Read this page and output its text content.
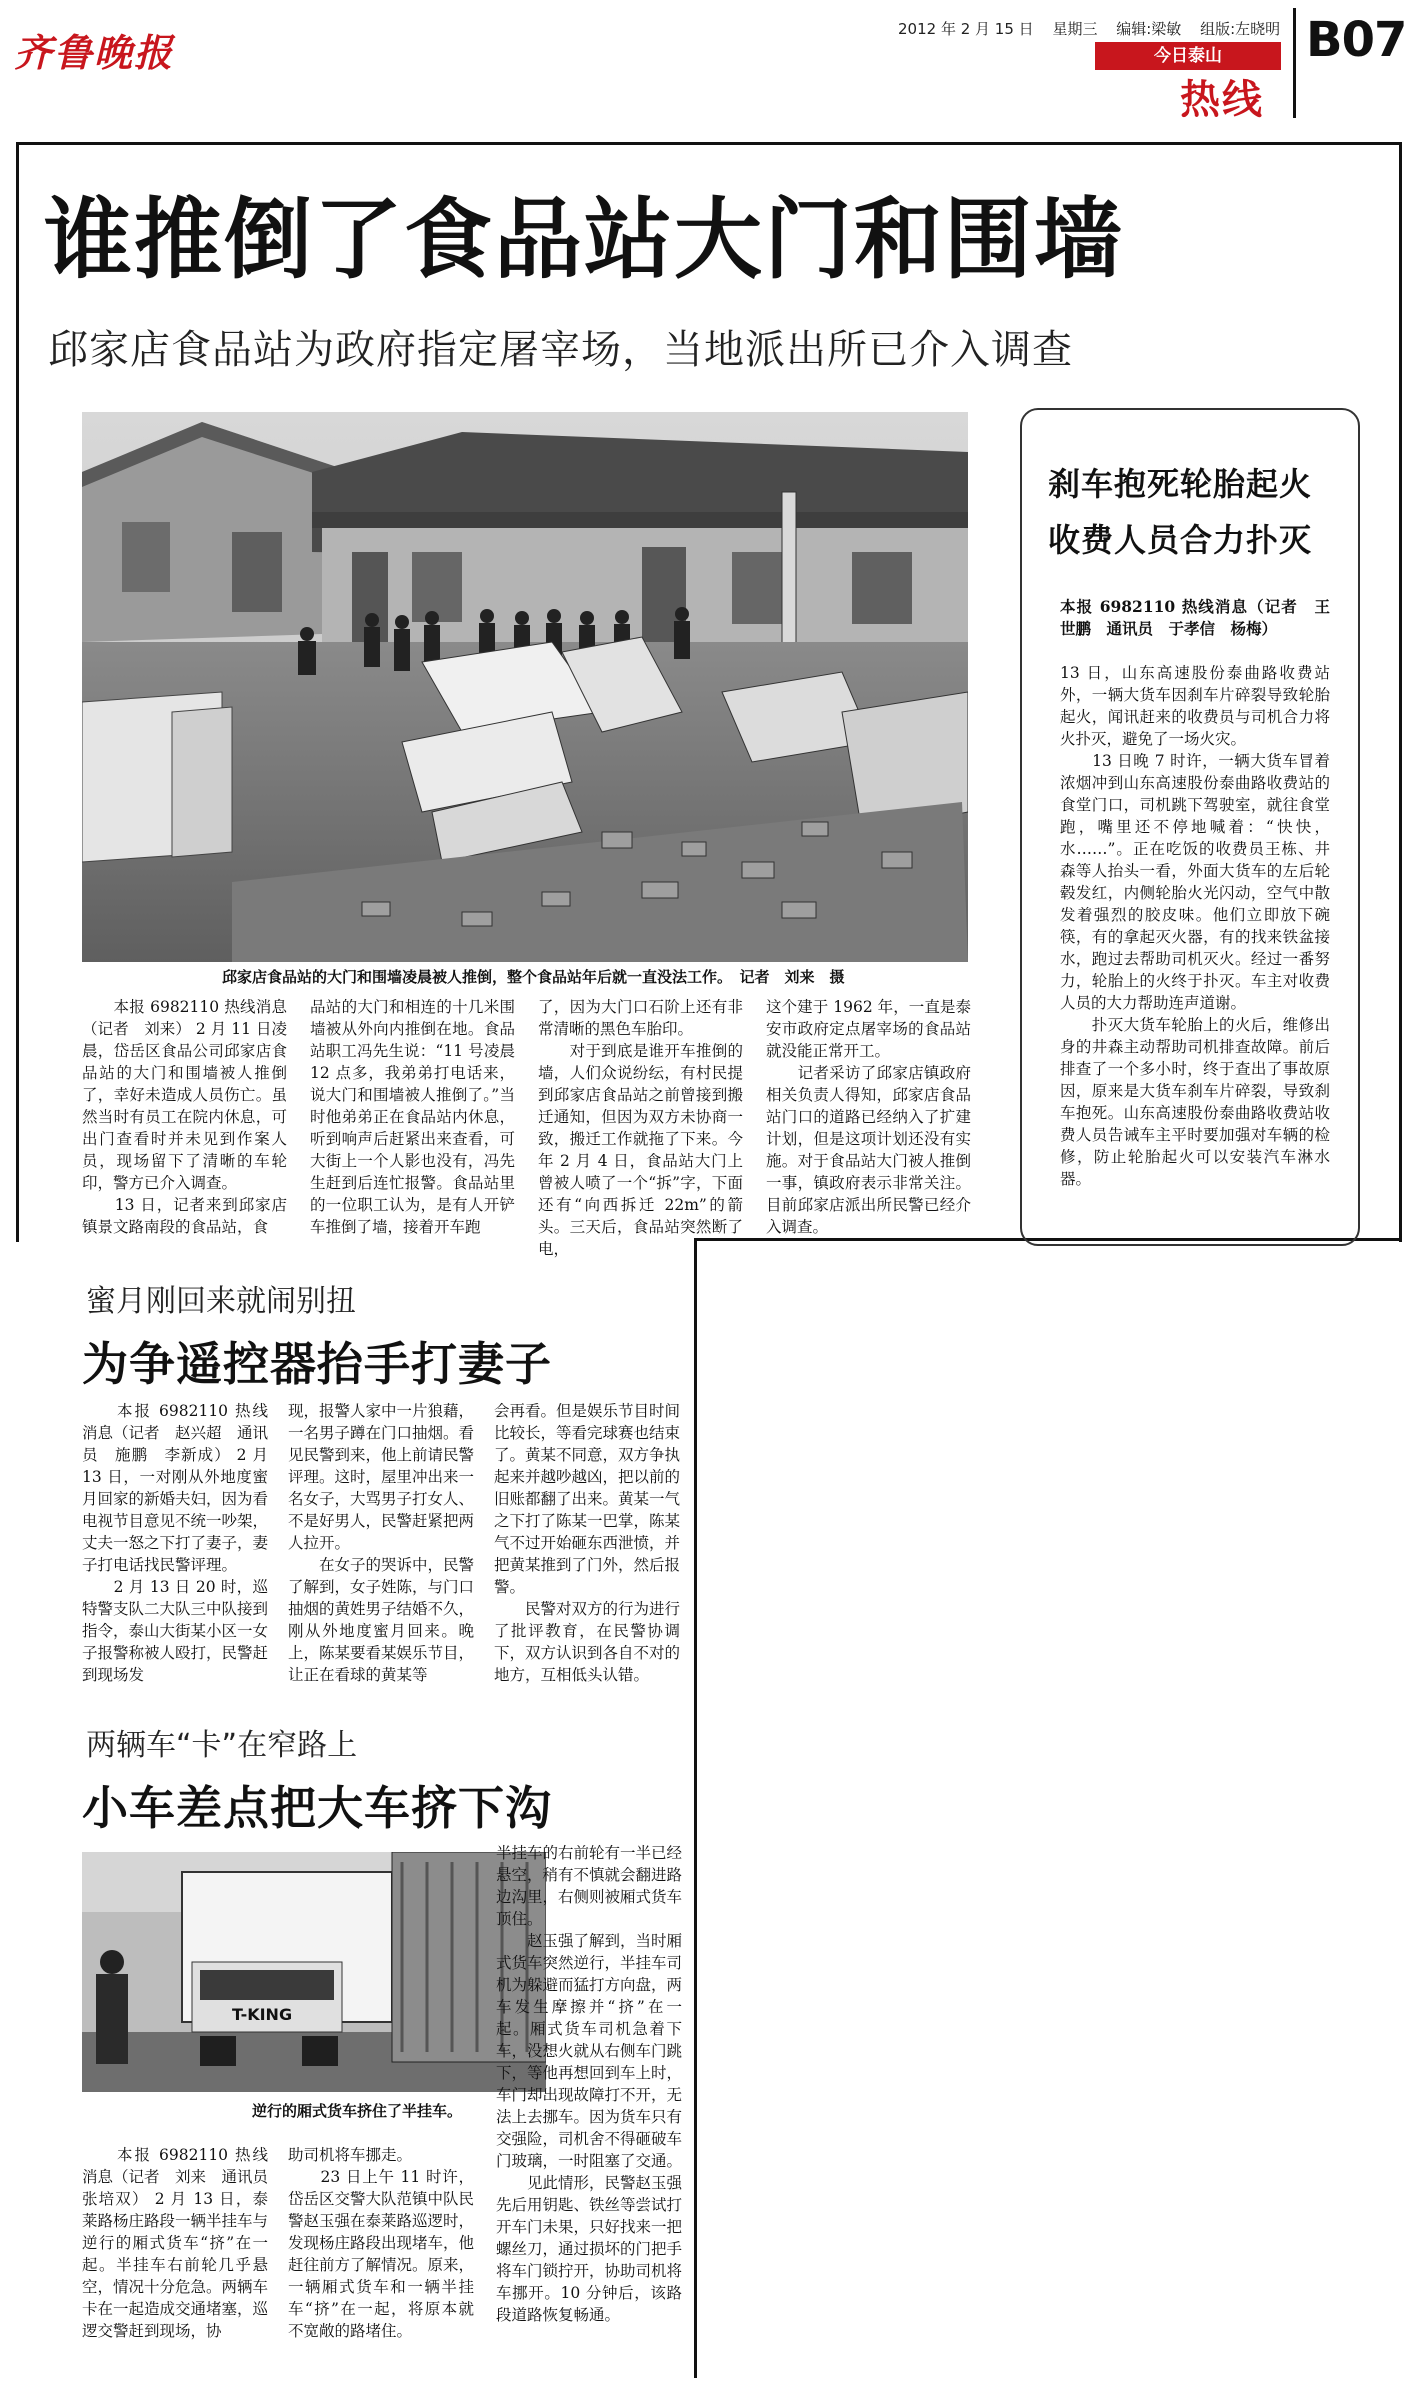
齐鲁晚报
2012 年 2 月 15 日 星期三 编辑:梁敏 组版:左晓明
今日泰山
热线
B07
谁推倒了食品站大门和围墙
邱家店食品站为政府指定屠宰场，当地派出所已介入调查
邱家店食品站的大门和围墙凌晨被人推倒，整个食品站年后就一直没法工作。　记者　刘来　摄
　　本报 6982110 热线消息（记者　刘来） 2 月 11 日凌晨，岱岳区食品公司邱家店食品站的大门和围墙被人推倒了，幸好未造成人员伤亡。虽然当时有员工在院内休息，可出门查看时并未见到作案人员，现场留下了清晰的车轮印，警方已介入调查。
　　13 日，记者来到邱家店镇景文路南段的食品站，食
品站的大门和相连的十几米围墙被从外向内推倒在地。食品站职工冯先生说：“11 号凌晨 12 点多，我弟弟打电话来，说大门和围墙被人推倒了。”当时他弟弟正在食品站内休息，听到响声后赶紧出来查看，可大街上一个人影也没有，冯先生赶到后连忙报警。食品站里的一位职工认为，是有人开铲车推倒了墙，接着开车跑
了，因为大门口石阶上还有非常清晰的黑色车胎印。
　　对于到底是谁开车推倒的墙，人们众说纷纭，有村民提到邱家店食品站之前曾接到搬迁通知，但因为双方未协商一致，搬迁工作就拖了下来。今年 2 月 4 日，食品站大门上曾被人喷了一个“拆”字，下面还有“向西拆迁 22m”的箭头。三天后，食品站突然断了电，
这个建于 1962 年，一直是泰安市政府定点屠宰场的食品站就没能正常开工。
　　记者采访了邱家店镇政府相关负责人得知，邱家店食品站门口的道路已经纳入了扩建计划，但是这项计划还没有实施。对于食品站大门被人推倒一事，镇政府表示非常关注。目前邱家店派出所民警已经介入调查。
刹车抱死轮胎起火
收费人员合力扑灭
本报 6982110 热线消息（记者　王世鹏　通讯员　于孝信　杨梅）
13 日，山东高速股份泰曲路收费站外，一辆大货车因刹车片碎裂导致轮胎起火，闻讯赶来的收费员与司机合力将火扑灭，避免了一场火灾。
　　13 日晚 7 时许，一辆大货车冒着浓烟冲到山东高速股份泰曲路收费站的食堂门口，司机跳下驾驶室，就往食堂跑，嘴里还不停地喊着：“快快，水……”。正在吃饭的收费员王栋、井森等人抬头一看，外面大货车的左后轮毂发红，内侧轮胎火光闪动，空气中散发着强烈的胶皮味。他们立即放下碗筷，有的拿起灭火器，有的找来铁盆接水，跑过去帮助司机灭火。经过一番努力，轮胎上的火终于扑灭。车主对收费人员的大力帮助连声道谢。
　　扑灭大货车轮胎上的火后，维修出身的井森主动帮助司机排查故障。前后排查了一个多小时，终于查出了事故原因，原来是大货车刹车片碎裂，导致刹车抱死。山东高速股份泰曲路收费站收费人员告诫车主平时要加强对车辆的检修，防止轮胎起火可以安装汽车淋水器。
蜜月刚回来就闹别扭
为争遥控器抬手打妻子
　　本报 6982110 热线消息（记者　赵兴超　通讯员　施鹏　李新成） 2 月 13 日，一对刚从外地度蜜月回家的新婚夫妇，因为看电视节目意见不统一吵架，丈夫一怒之下打了妻子，妻子打电话找民警评理。
　　2 月 13 日 20 时，巡特警支队二大队三中队接到指令，泰山大街某小区一女子报警称被人殴打，民警赶到现场发
现，报警人家中一片狼藉，一名男子蹲在门口抽烟。看见民警到来，他上前请民警评理。这时，屋里冲出来一名女子，大骂男子打女人、不是好男人，民警赶紧把两人拉开。
　　在女子的哭诉中，民警了解到，女子姓陈，与门口抽烟的黄姓男子结婚不久，刚从外地度蜜月回来。晚上，陈某要看某娱乐节目，让正在看球的黄某等
会再看。但是娱乐节目时间比较长，等看完球赛也结束了。黄某不同意，双方争执起来并越吵越凶，把以前的旧账都翻了出来。黄某一气之下打了陈某一巴掌，陈某气不过开始砸东西泄愤，并把黄某推到了门外，然后报警。
　　民警对双方的行为进行了批评教育，在民警协调下，双方认识到各自不对的地方，互相低头认错。
两辆车“卡”在窄路上
小车差点把大车挤下沟
T-KING
逆行的厢式货车挤住了半挂车。
半挂车的右前轮有一半已经悬空，稍有不慎就会翻进路边沟里，右侧则被厢式货车顶住。
　　赵玉强了解到，当时厢式货车突然逆行，半挂车司机为躲避而猛打方向盘，两车发生摩擦并“挤”在一起。厢式货车司机急着下车，没想火就从右侧车门跳下，等他再想回到车上时，车门却出现故障打不开，无法上去挪车。因为货车只有交强险，司机舍不得砸破车门玻璃，一时阻塞了交通。
　　见此情形，民警赵玉强先后用钥匙、铁丝等尝试打开车门未果，只好找来一把螺丝刀，通过损坏的门把手将车门锁拧开，协助司机将车挪开。10 分钟后，该路段道路恢复畅通。
　　本报 6982110 热线消息（记者　刘来　通讯员　张培双） 2 月 13 日，泰莱路杨庄路段一辆半挂车与逆行的厢式货车“挤”在一起。半挂车右前轮几乎悬空，情况十分危急。两辆车卡在一起造成交通堵塞，巡逻交警赶到现场，协
助司机将车挪走。
　　23 日上午 11 时许，岱岳区交警大队范镇中队民警赵玉强在泰莱路巡逻时，发现杨庄路段出现堵车，他赶往前方了解情况。原来，一辆厢式货车和一辆半挂车“挤”在一起，将原本就不宽敞的路堵住。
